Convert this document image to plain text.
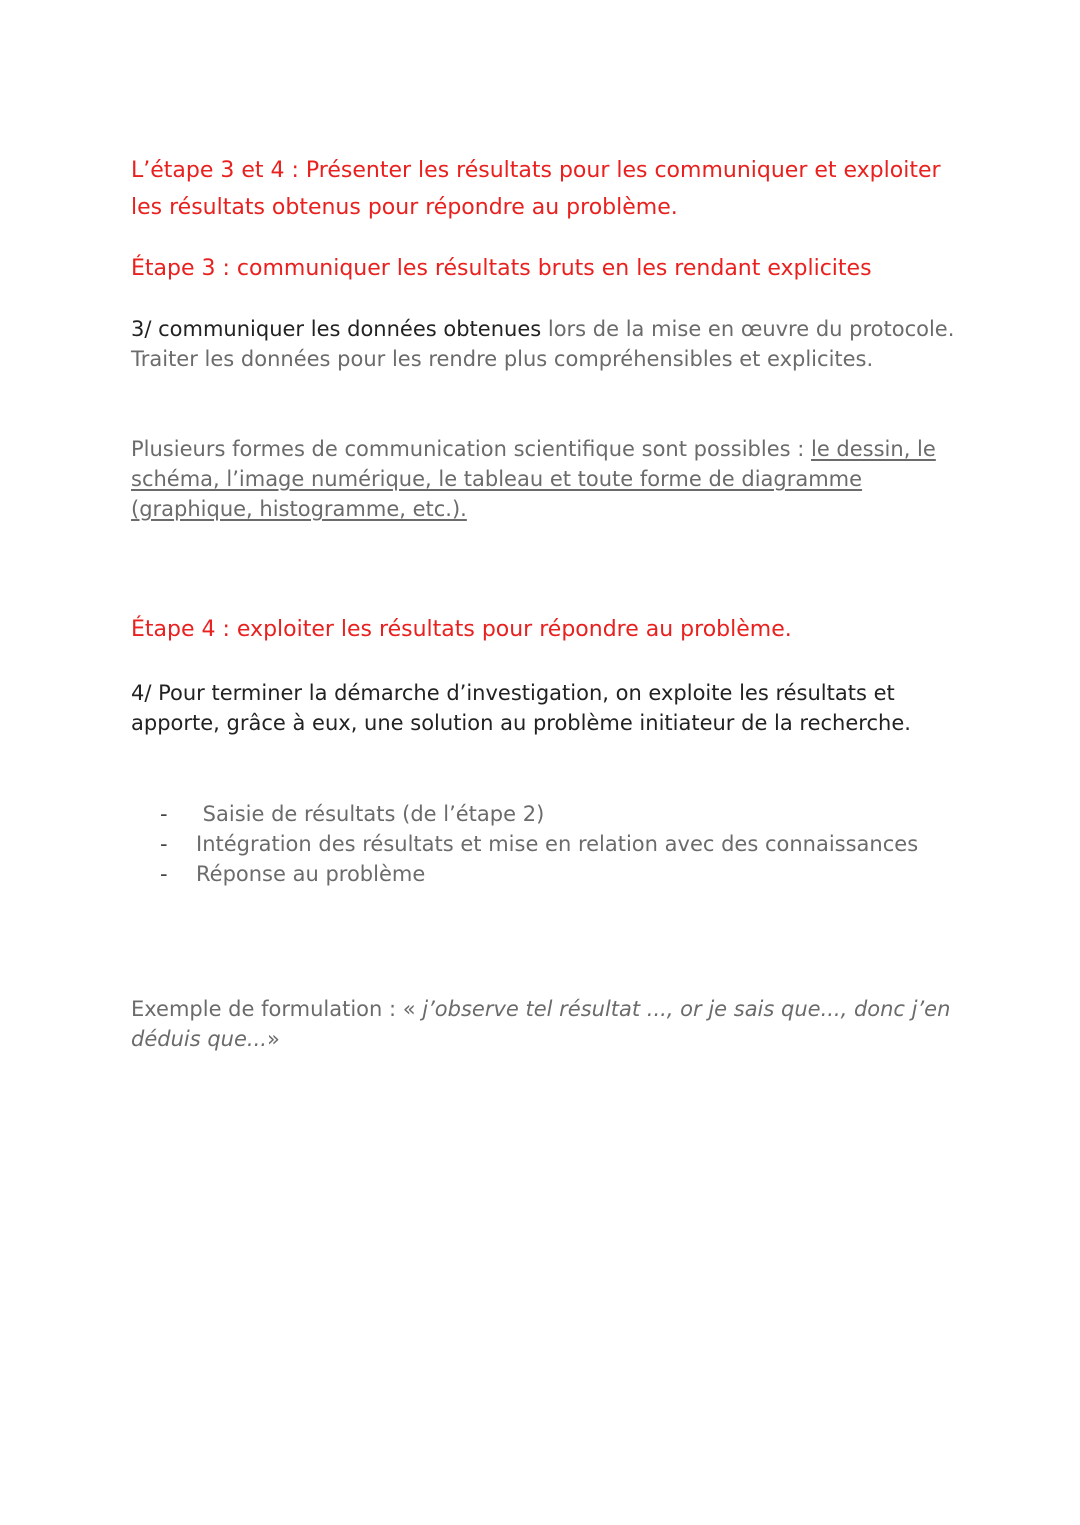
L’étape 3 et 4 : Présenter les résultats pour les communiquer et exploiter les résultats obtenus pour répondre au problème.

Étape 3 : communiquer les résultats bruts en les rendant explicites

3/ communiquer les données obtenues lors de la mise en œuvre du protocole. Traiter les données pour les rendre plus compréhensibles et explicites.

Plusieurs formes de communication scientifique sont possibles : le dessin, le schéma, l’image numérique, le tableau et toute forme de diagramme (graphique, histogramme, etc.).

Étape 4 : exploiter les résultats pour répondre au problème.

4/ Pour terminer la démarche d’investigation, on exploite les résultats et apporte, grâce à eux, une solution au problème initiateur de la recherche.

- Saisie de résultats (de l’étape 2)
- Intégration des résultats et mise en relation avec des connaissances
- Réponse au problème

Exemple de formulation : « j’observe tel résultat ..., or je sais que..., donc j’en déduis que...»
